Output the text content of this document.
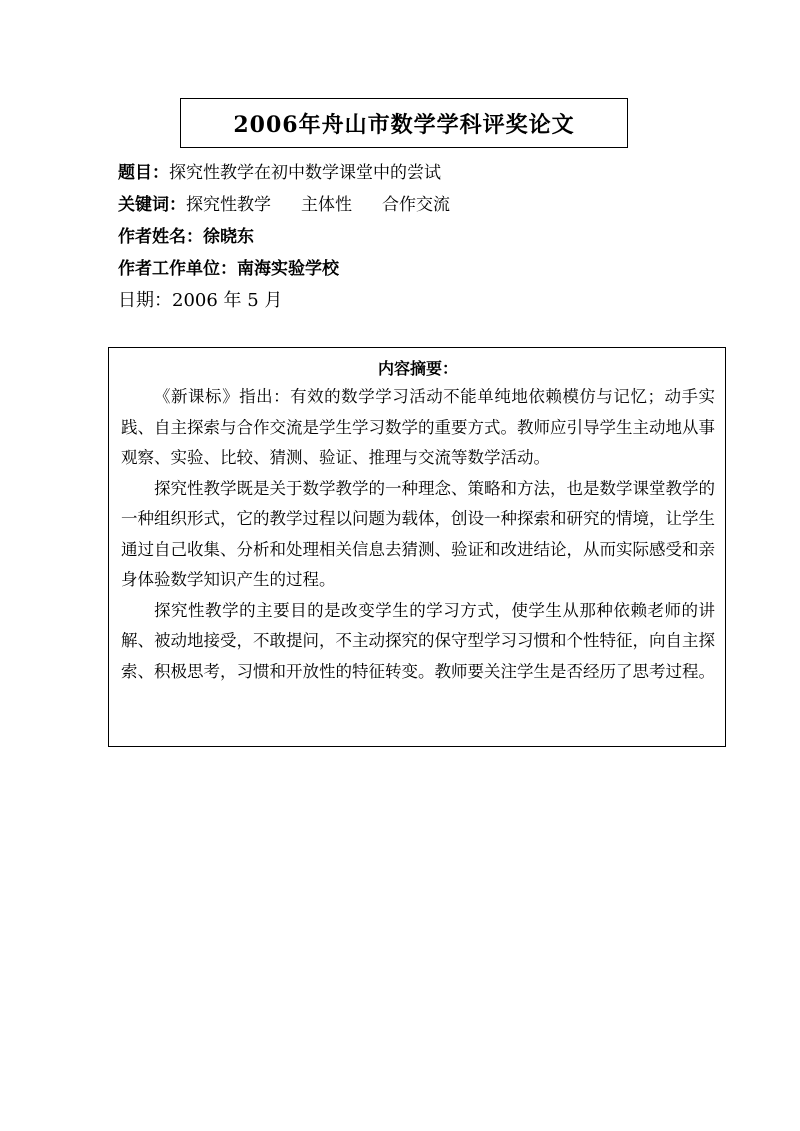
2006年舟山市数学学科评奖论文
题目：探究性教学在初中数学课堂中的尝试
关键词：探究性教学 主体性 合作交流
作者姓名：徐晓东
作者工作单位：南海实验学校
日期：2006 年 5 月
内容摘要：

《新课标》指出：有效的数学学习活动不能单纯地依赖模仿与记忆；动手实践、自主探索与合作交流是学生学习数学的重要方式。教师应引导学生主动地从事观察、实验、比较、猜测、验证、推理与交流等数学活动。

探究性教学既是关于数学教学的一种理念、策略和方法，也是数学课堂教学的一种组织形式，它的教学过程以问题为载体，创设一种探索和研究的情境，让学生通过自己收集、分析和处理相关信息去猜测、验证和改进结论，从而实际感受和亲身体验数学知识产生的过程。

探究性教学的主要目的是改变学生的学习方式，使学生从那种依赖老师的讲解、被动地接受，不敢提问，不主动探究的保守型学习习惯和个性特征，向自主探索、积极思考，习惯和开放性的特征转变。教师要关注学生是否经历了思考过程。
